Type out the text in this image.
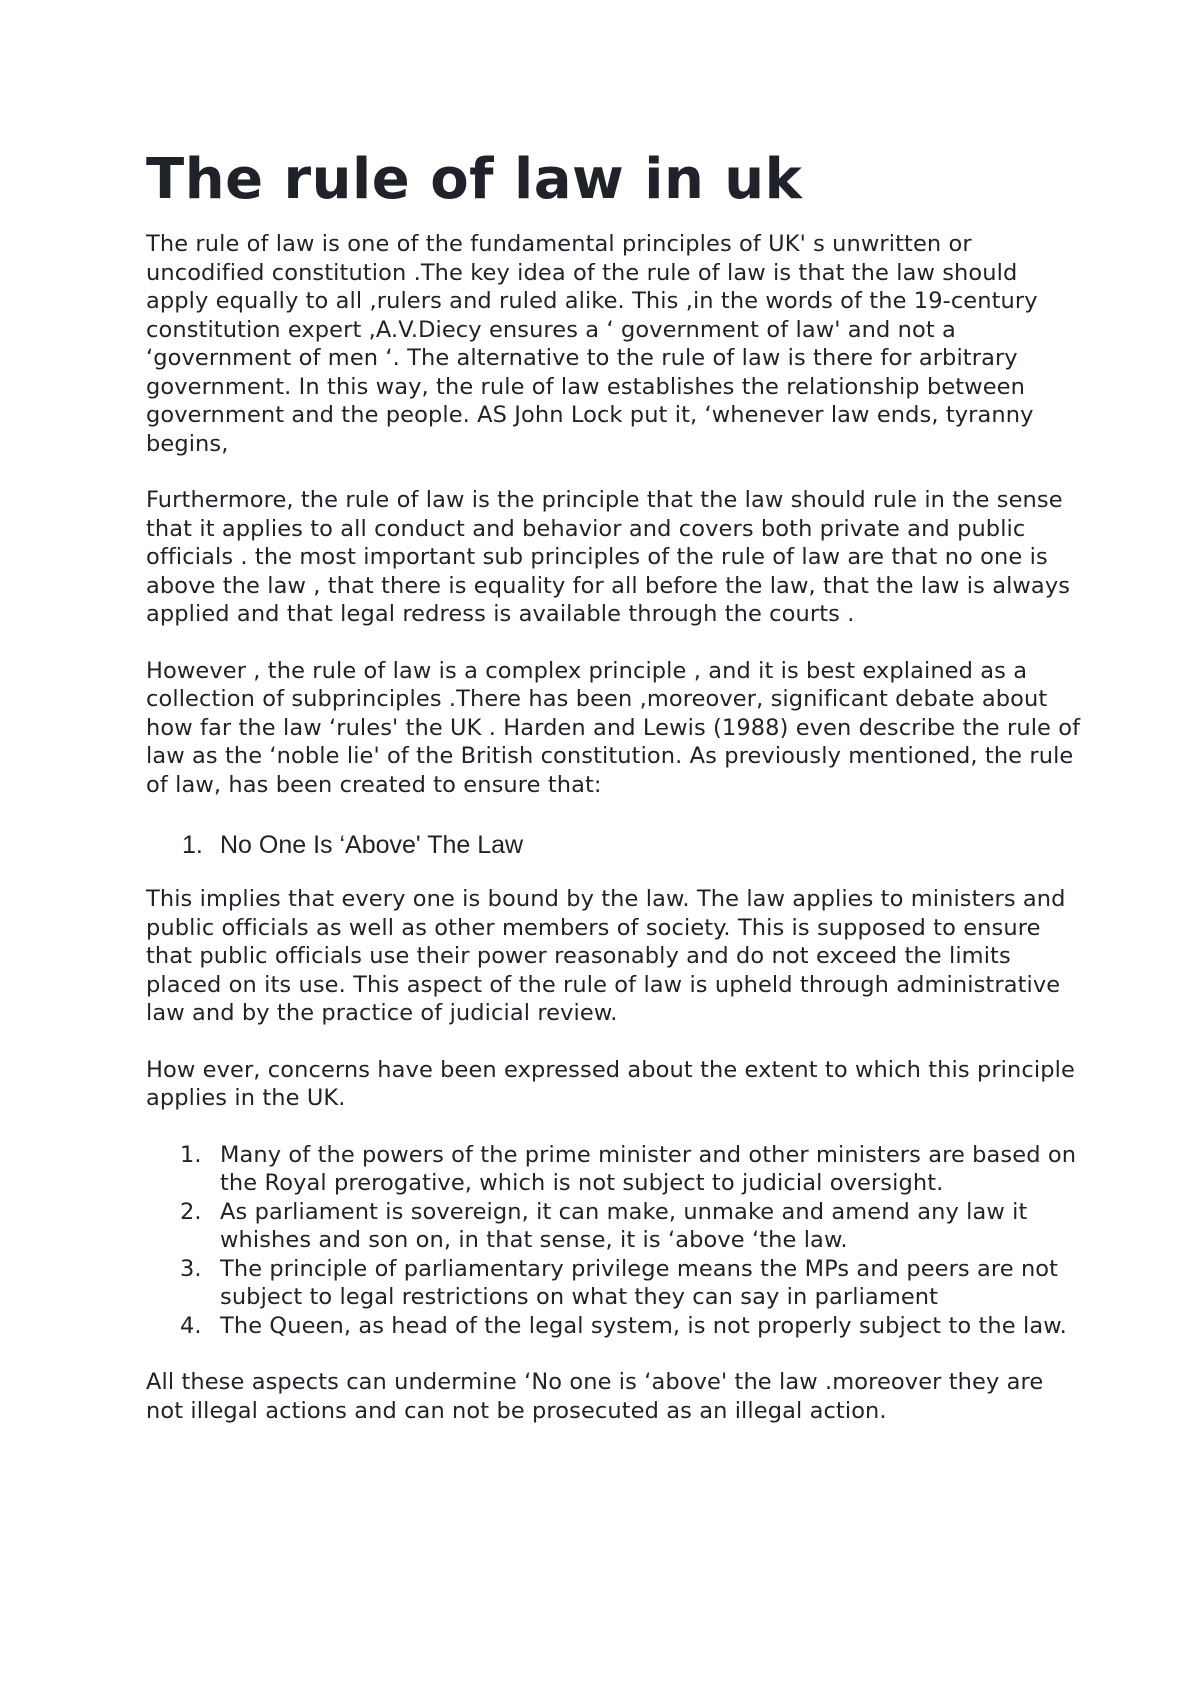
The rule of law in uk

The rule of law is one of the fundamental principles of UK' s unwritten or uncodified constitution .The key idea of the rule of law is that the law should apply equally to all ,rulers and ruled alike. This ,in the words of the 19-century constitution expert ,A.V.Diecy ensures a ‘ government of law' and not a ‘government of men ‘. The alternative to the rule of law is there for arbitrary government. In this way, the rule of law establishes the relationship between government and the people. AS John Lock put it, ‘whenever law ends, tyranny begins,

Furthermore, the rule of law is the principle that the law should rule in the sense that it applies to all conduct and behavior and covers both private and public officials . the most important sub principles of the rule of law are that no one is above the law , that there is equality for all before the law, that the law is always applied and that legal redress is available through the courts .

However , the rule of law is a complex principle , and it is best explained as a collection of subprinciples .There has been ,moreover, significant debate about how far the law ‘rules' the UK . Harden and Lewis (1988) even describe the rule of law as the ‘noble lie' of the British constitution. As previously mentioned, the rule of law, has been created to ensure that:

1. No One Is ‘Above' The Law

This implies that every one is bound by the law. The law applies to ministers and public officials as well as other members of society. This is supposed to ensure that public officials use their power reasonably and do not exceed the limits placed on its use. This aspect of the rule of law is upheld through administrative law and by the practice of judicial review.

How ever, concerns have been expressed about the extent to which this principle applies in the UK.

1. Many of the powers of the prime minister and other ministers are based on the Royal prerogative, which is not subject to judicial oversight.
2. As parliament is sovereign, it can make, unmake and amend any law it whishes and son on, in that sense, it is ‘above ‘the law.
3. The principle of parliamentary privilege means the MPs and peers are not subject to legal restrictions on what they can say in parliament
4. The Queen, as head of the legal system, is not properly subject to the law.

All these aspects can undermine ‘No one is ‘above' the law .moreover they are not illegal actions and can not be prosecuted as an illegal action.
